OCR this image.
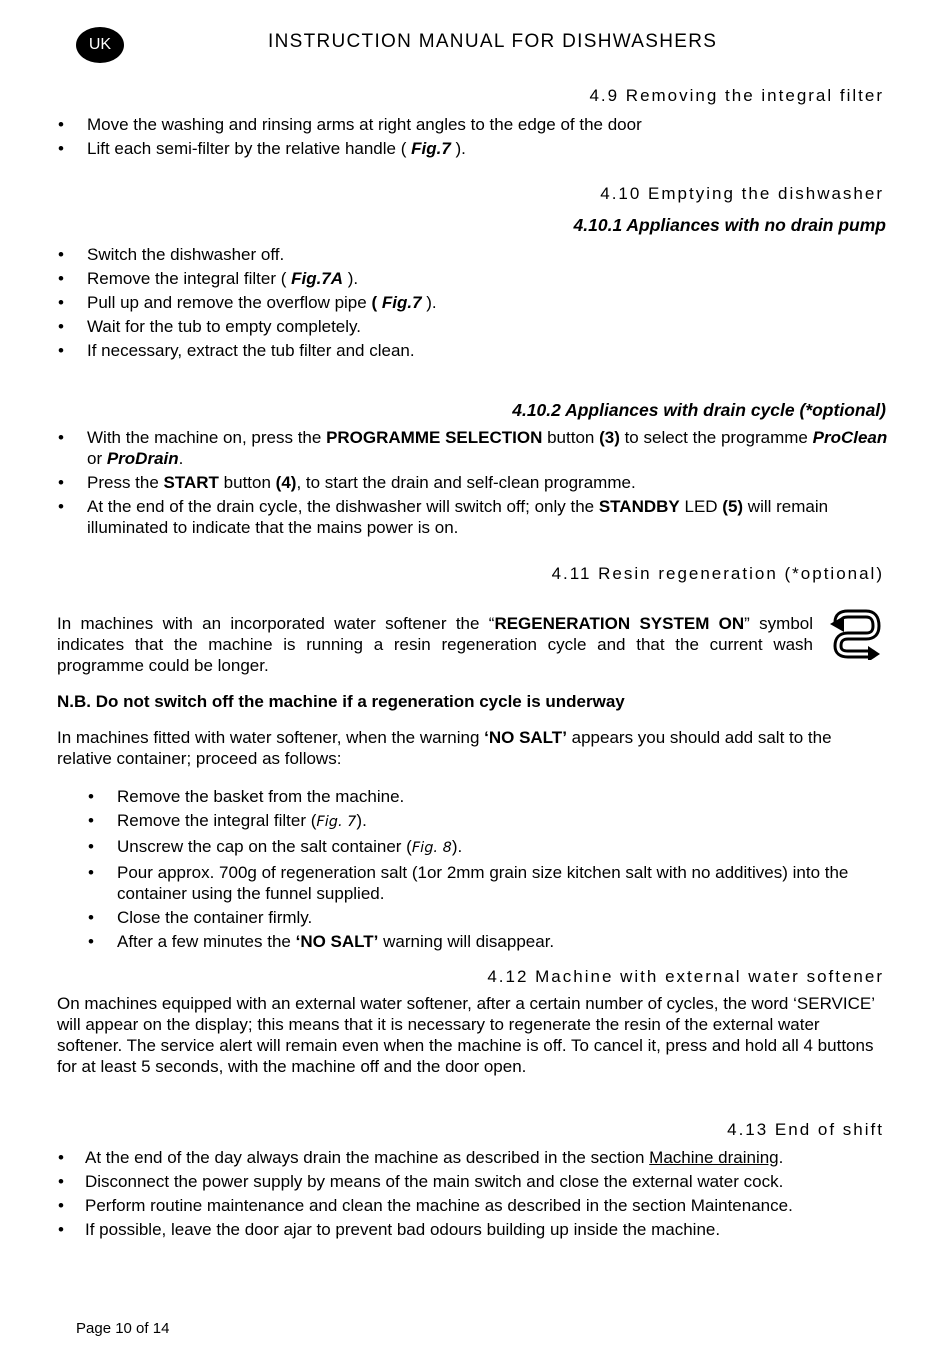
UK	INSTRUCTION MANUAL FOR DISHWASHERS
4.9 Removing the integral filter
• Move the washing and rinsing arms at right angles to the edge of the door
• Lift each semi-filter by the relative handle ( Fig.7 ).
4.10 Emptying the dishwasher
4.10.1 Appliances with no drain pump
• Switch the dishwasher off.
• Remove the integral filter ( Fig.7A ).
• Pull up and remove the overflow pipe ( Fig.7 ).
• Wait for the tub to empty completely.
• If necessary, extract the tub filter and clean.
4.10.2 Appliances with drain cycle (*optional)
• With the machine on, press the PROGRAMME SELECTION button (3) to select the programme ProClean or ProDrain.
• Press the START button (4), to start the drain and self-clean programme.
• At the end of the drain cycle, the dishwasher will switch off; only the STANDBY LED (5) will remain illuminated to indicate that the mains power is on.
4.11 Resin regeneration (*optional)

In machines with an incorporated water softener the “REGENERATION SYSTEM ON” symbol indicates that the machine is running a resin regeneration cycle and that the current wash programme could be longer.

N.B. Do not switch off the machine if a regeneration cycle is underway

In machines fitted with water softener, when the warning ‘NO SALT’ appears you should add salt to the relative container; proceed as follows:

• Remove the basket from the machine.
• Remove the integral filter (Fig. 7).
• Unscrew the cap on the salt container (Fig. 8).
• Pour approx. 700g of regeneration salt (1or 2mm grain size kitchen salt with no additives) into the container using the funnel supplied.
• Close the container firmly.
• After a few minutes the ‘NO SALT’ warning will disappear.
4.12 Machine with external water softener

On machines equipped with an external water softener, after a certain number of cycles, the word ‘SERVICE’ will appear on the display; this means that it is necessary to regenerate the resin of the external water softener. The service alert will remain even when the machine is off. To cancel it, press and hold all 4 buttons for at least 5 seconds, with the machine off and the door open.

4.13 End of shift
• At the end of the day always drain the machine as described in the section Machine draining.
• Disconnect the power supply by means of the main switch and close the external water cock.
• Perform routine maintenance and clean the machine as described in the section Maintenance.
• If possible, leave the door ajar to prevent bad odours building up inside the machine.
Page 10 of 14
